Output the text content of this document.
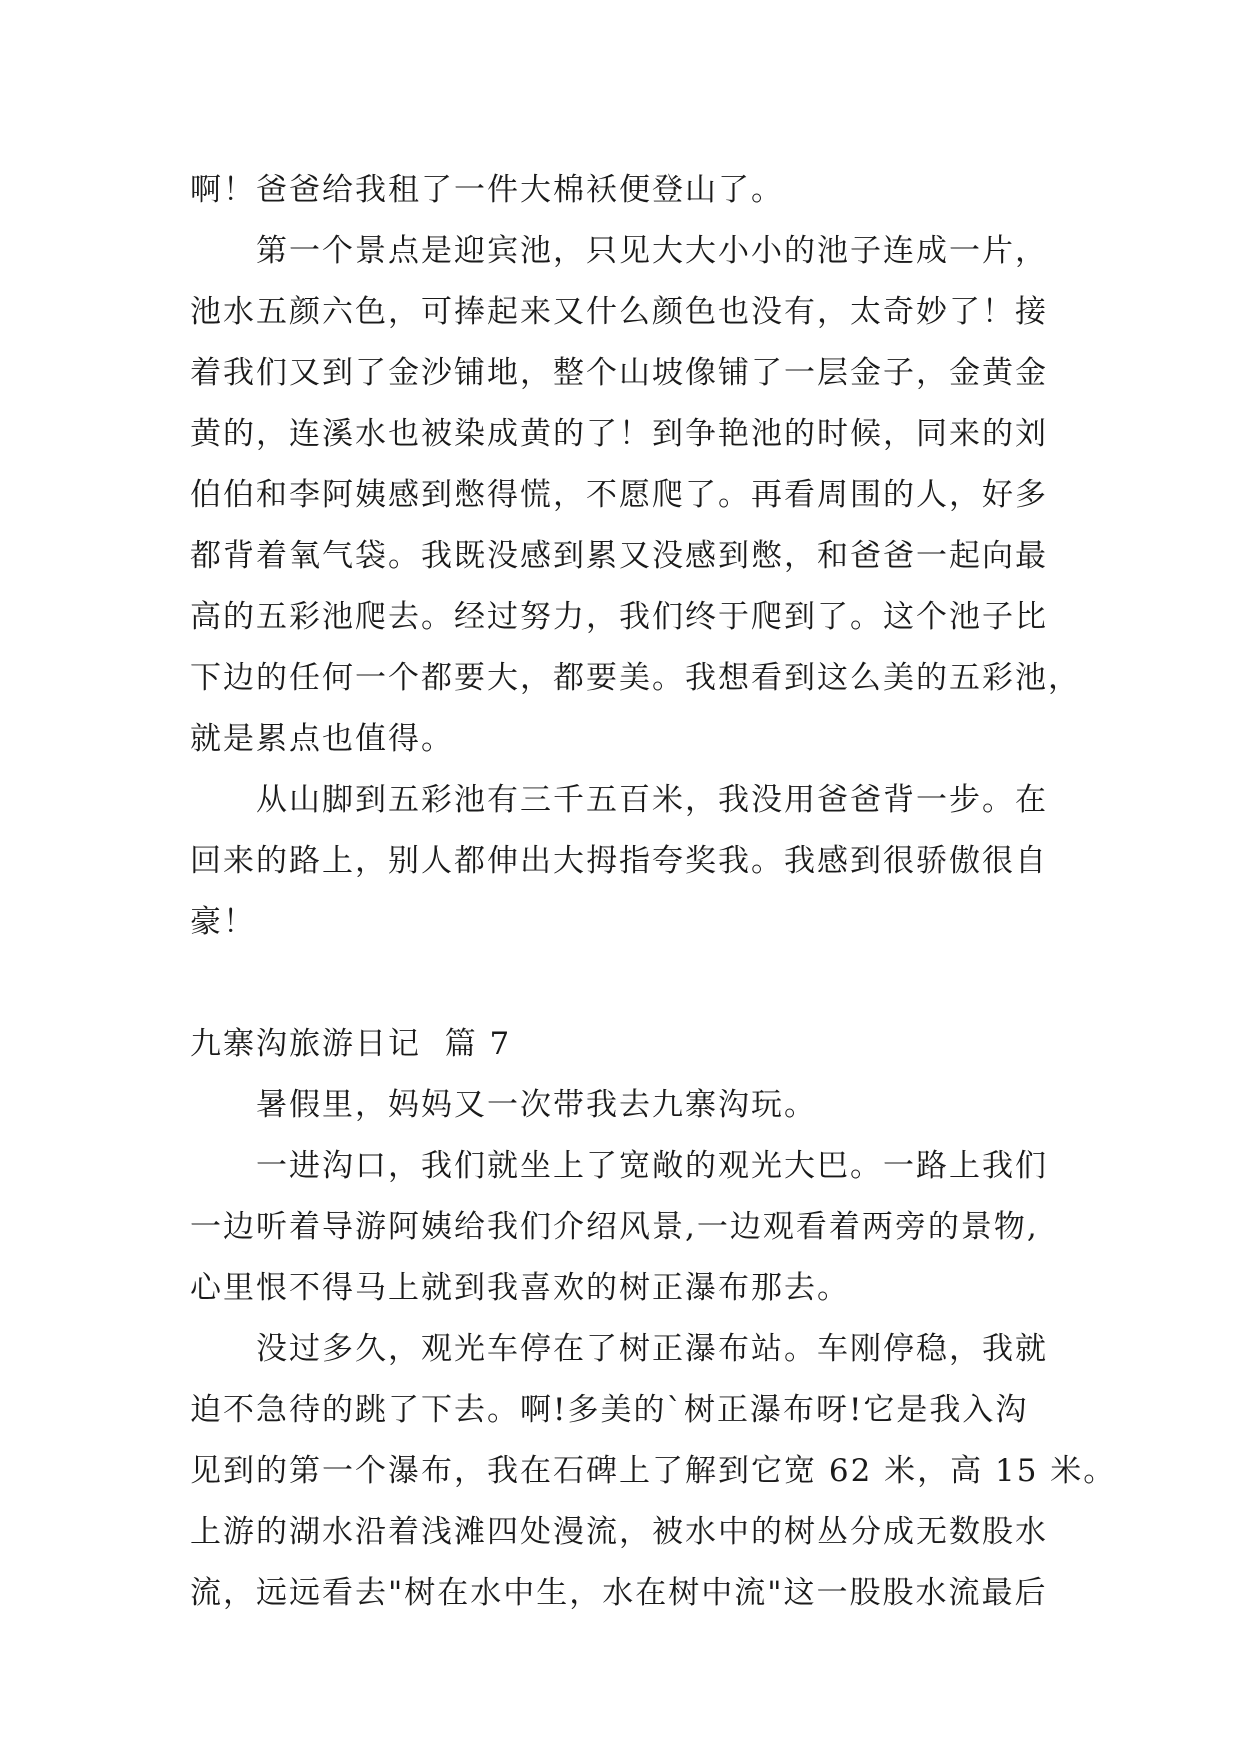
啊！爸爸给我租了一件大棉袄便登山了。
　　第一个景点是迎宾池，只见大大小小的池子连成一片，
池水五颜六色，可捧起来又什么颜色也没有，太奇妙了！接
着我们又到了金沙铺地，整个山坡像铺了一层金子，金黄金
黄的，连溪水也被染成黄的了！到争艳池的时候，同来的刘
伯伯和李阿姨感到憋得慌，不愿爬了。再看周围的人，好多
都背着氧气袋。我既没感到累又没感到憋，和爸爸一起向最
高的五彩池爬去。经过努力，我们终于爬到了。这个池子比
下边的任何一个都要大，都要美。我想看到这么美的五彩池，
就是累点也值得。
　　从山脚到五彩池有三千五百米，我没用爸爸背一步。在
回来的路上，别人都伸出大拇指夸奖我。我感到很骄傲很自
豪！
九寨沟旅游日记  篇 7
　　暑假里，妈妈又一次带我去九寨沟玩。
　　一进沟口，我们就坐上了宽敞的观光大巴。一路上我们
一边听着导游阿姨给我们介绍风景,一边观看着两旁的景物,
心里恨不得马上就到我喜欢的树正瀑布那去。
　　没过多久，观光车停在了树正瀑布站。车刚停稳，我就
迫不急待的跳了下去。啊!多美的`树正瀑布呀!它是我入沟
见到的第一个瀑布，我在石碑上了解到它宽 62 米，高 15 米。
上游的湖水沿着浅滩四处漫流，被水中的树丛分成无数股水
流，远远看去"树在水中生，水在树中流"这一股股水流最后
